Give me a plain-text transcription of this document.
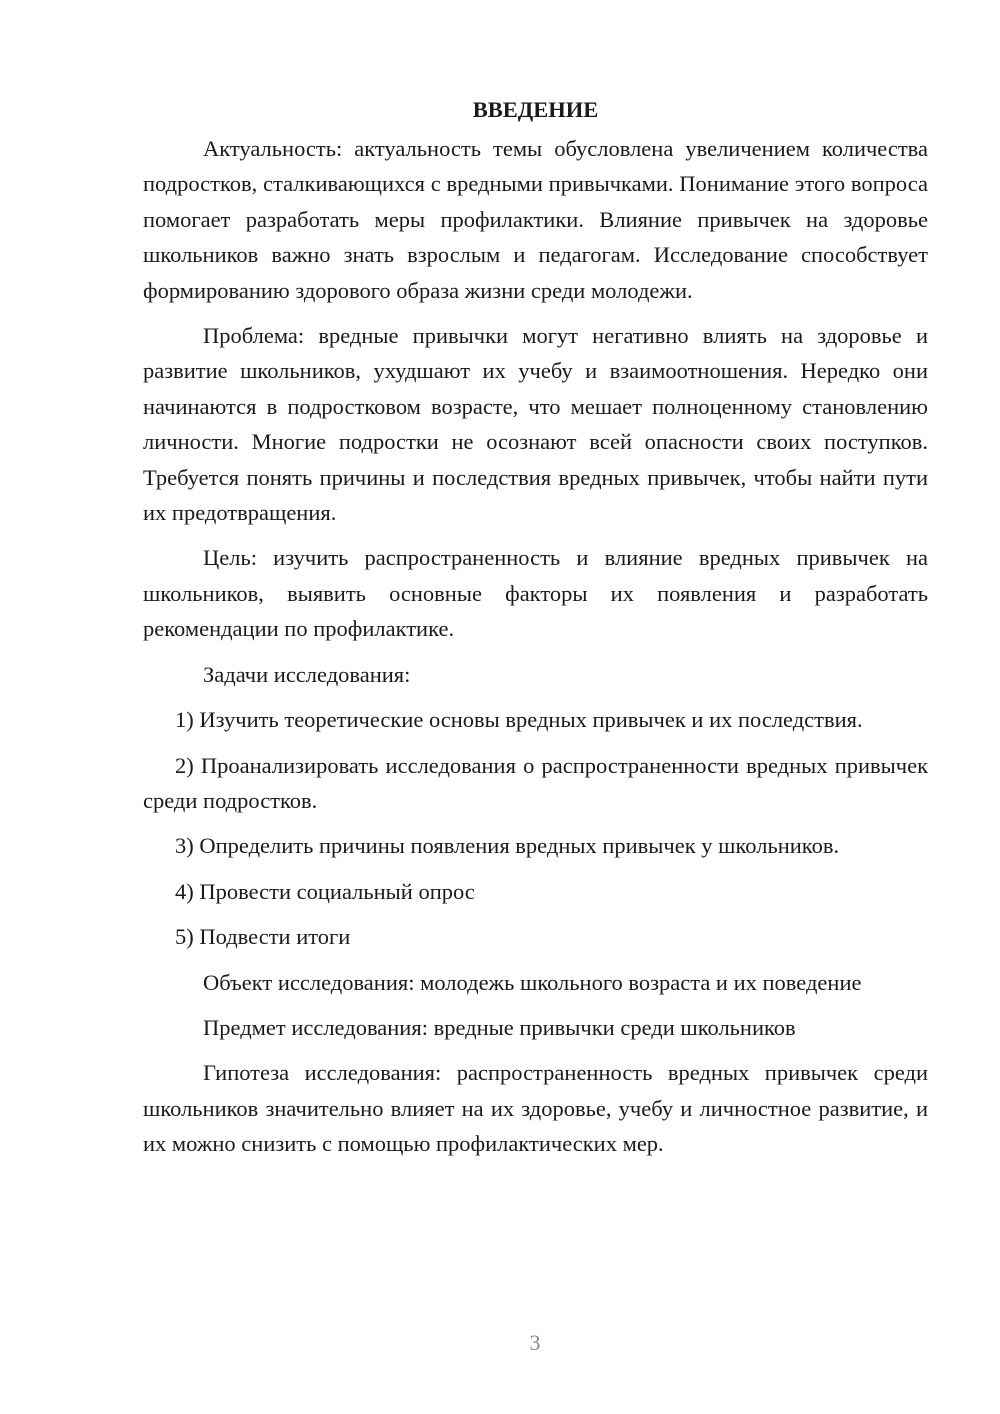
ВВЕДЕНИЕ

Актуальность: актуальность темы обусловлена увеличением количества подростков, сталкивающихся с вредными привычками. Понимание этого вопроса помогает разработать меры профилактики. Влияние привычек на здоровье школьников важно знать взрослым и педагогам. Исследование способствует формированию здорового образа жизни среди молодежи.

Проблема: вредные привычки могут негативно влиять на здоровье и развитие школьников, ухудшают их учебу и взаимоотношения. Нередко они начинаются в подростковом возрасте, что мешает полноценному становлению личности. Многие подростки не осознают всей опасности своих поступков. Требуется понять причины и последствия вредных привычек, чтобы найти пути их предотвращения.

Цель: изучить распространенность и влияние вредных привычек на школьников, выявить основные факторы их появления и разработать рекомендации по профилактике.

Задачи исследования:

1) Изучить теоретические основы вредных привычек и их последствия.

2) Проанализировать исследования о распространенности вредных привычек среди подростков.

3) Определить причины появления вредных привычек у школьников.

4) Провести социальный опрос

5) Подвести итоги

Объект исследования: молодежь школьного возраста и их поведение

Предмет исследования: вредные привычки среди школьников

Гипотеза исследования: распространенность вредных привычек среди школьников значительно влияет на их здоровье, учебу и личностное развитие, и их можно снизить с помощью профилактических мер.

3
